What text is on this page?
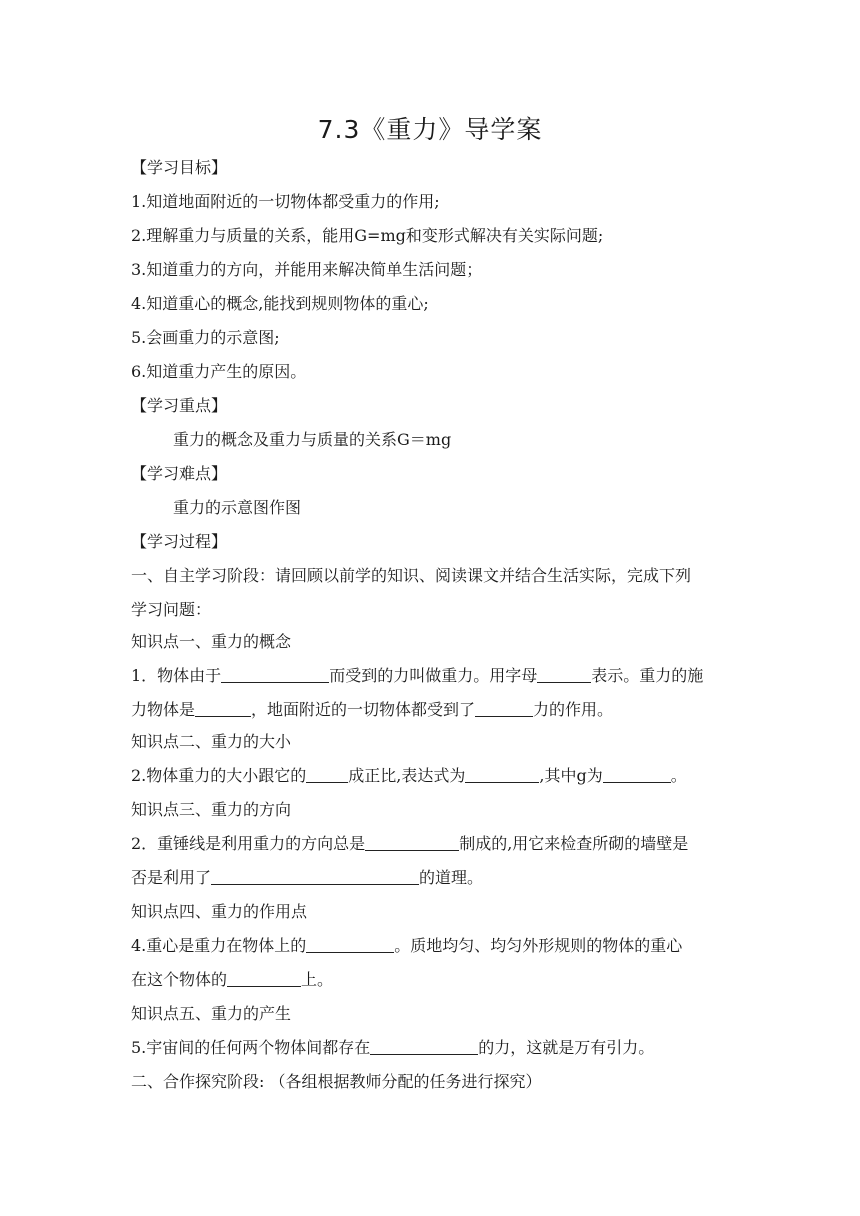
7.3《重力》导学案
【学习目标】
1.知道地面附近的一切物体都受重力的作用;
2.理解重力与质量的关系，能用G=mg和变形式解决有关实际问题;
3.知道重力的方向，并能用来解决简单生活问题；
4.知道重心的概念,能找到规则物体的重心;
5.会画重力的示意图;
6.知道重力产生的原因。
【学习重点】
重力的概念及重力与质量的关系G＝mg
【学习难点】
重力的示意图作图
【学习过程】
一、自主学习阶段：请回顾以前学的知识、阅读课文并结合生活实际，完成下列
学习问题：
知识点一、重力的概念
1．物体由于	而受到的力叫做重力。用字母	表示。重力的施
力物体是	，地面附近的一切物体都受到了	力的作用。
知识点二、重力的大小
2.物体重力的大小跟它的	成正比,表达式为	,其中g为	。
知识点三、重力的方向
2．重锤线是利用重力的方向总是	制成的,用它来检查所砌的墙壁是
否是利用了	的道理。
知识点四、重力的作用点
4.重心是重力在物体上的	。质地均匀、均匀外形规则的物体的重心
在这个物体的	上。
知识点五、重力的产生
5.宇宙间的任何两个物体间都存在	的力，这就是万有引力。
二、合作探究阶段: （各组根据教师分配的任务进行探究）
